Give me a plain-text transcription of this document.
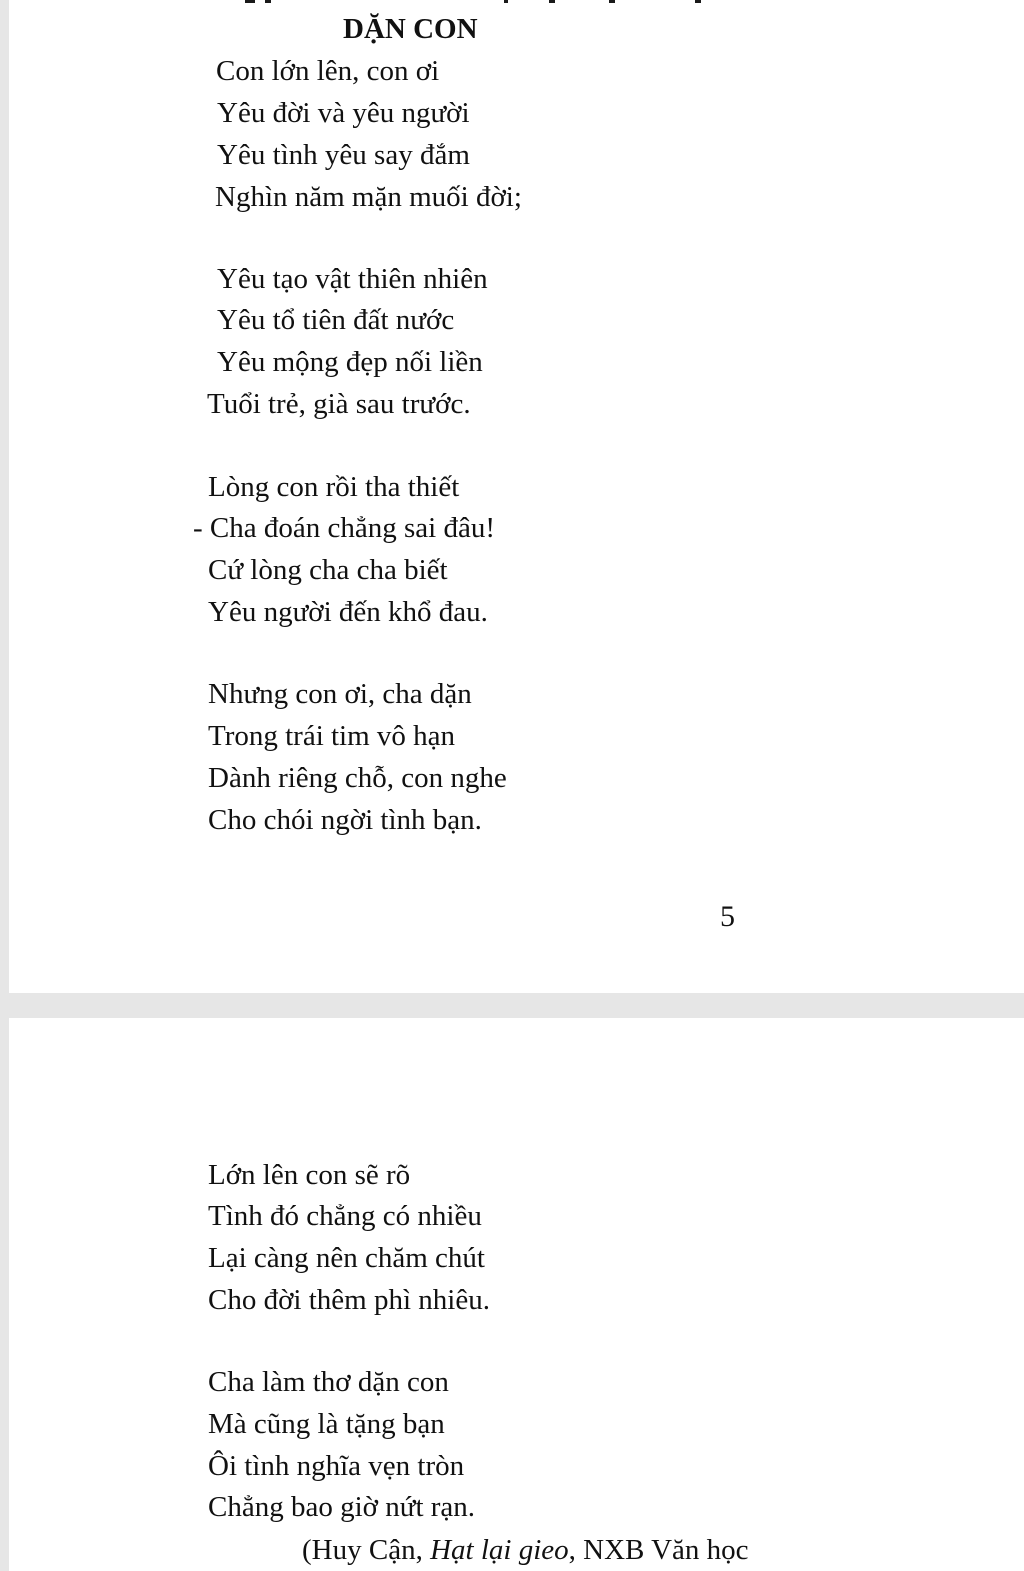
DẶN CON
Con lớn lên, con ơi
Yêu đời và yêu người
Yêu tình yêu say đắm
Nghìn năm mặn muối đời;
Yêu tạo vật thiên nhiên
Yêu tổ tiên đất nước
Yêu mộng đẹp nối liền
Tuổi trẻ, già sau trước.
Lòng con rồi tha thiết
- Cha đoán chẳng sai đâu!
Cứ lòng cha cha biết
Yêu người đến khổ đau.
Nhưng con ơi, cha dặn
Trong trái tim vô hạn
Dành riêng chỗ, con nghe
Cho chói ngời tình bạn.
5
Lớn lên con sẽ rõ
Tình đó chẳng có nhiều
Lại càng nên chăm chút
Cho đời thêm phì nhiêu.
Cha làm thơ dặn con
Mà cũng là tặng bạn
Ôi tình nghĩa vẹn tròn
Chẳng bao giờ nứt rạn.
(Huy Cận, Hạt lại gieo, NXB Văn học
